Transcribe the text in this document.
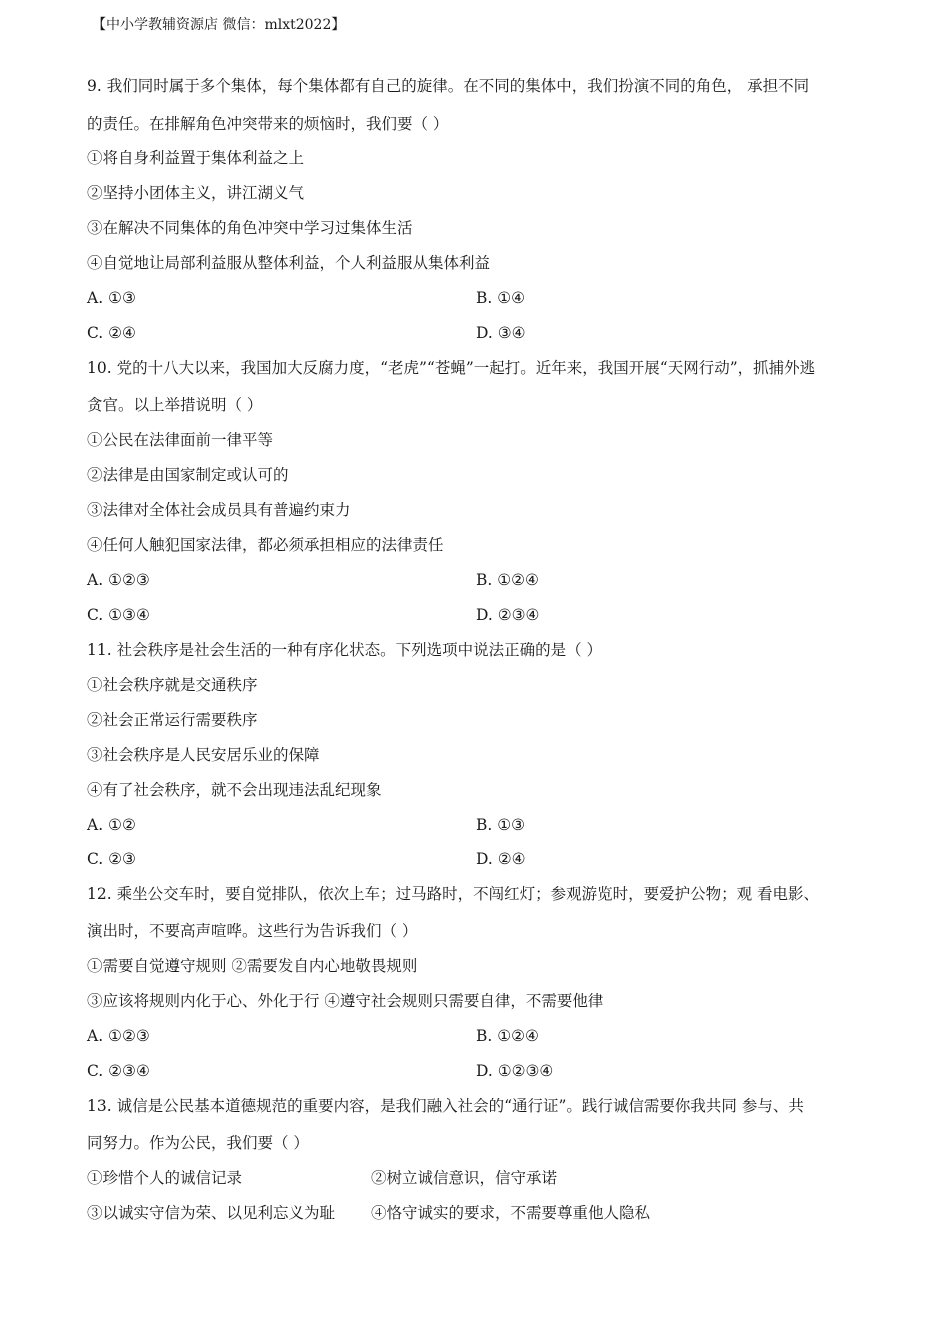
【中小学教辅资源店 微信：mlxt2022】
9. 我们同时属于多个集体，每个集体都有自己的旋律。在不同的集体中，我们扮演不同的角色， 承担不同
的责任。在排解角色冲突带来的烦恼时，我们要（ ）
①将自身利益置于集体利益之上
②坚持小团体主义，讲江湖义气
③在解决不同集体的角色冲突中学习过集体生活
④自觉地让局部利益服从整体利益，个人利益服从集体利益
A. ①③	B. ①④
C. ②④	D. ③④
10. 党的十八大以来，我国加大反腐力度，“老虎”“苍蝇”一起打。近年来，我国开展“天网行动”，抓捕外逃
贪官。以上举措说明（ ）
①公民在法律面前一律平等
②法律是由国家制定或认可的
③法律对全体社会成员具有普遍约束力
④任何人触犯国家法律，都必须承担相应的法律责任
A. ①②③	B. ①②④
C. ①③④	D. ②③④
11. 社会秩序是社会生活的一种有序化状态。下列选项中说法正确的是（ ）
①社会秩序就是交通秩序
②社会正常运行需要秩序
③社会秩序是人民安居乐业的保障
④有了社会秩序，就不会出现违法乱纪现象
A. ①②	B. ①③
C. ②③	D. ②④
12. 乘坐公交车时，要自觉排队，依次上车；过马路时，不闯红灯；参观游览时，要爱护公物；观 看电影、
演出时，不要高声喧哗。这些行为告诉我们（ ）
①需要自觉遵守规则 ②需要发自内心地敬畏规则
③应该将规则内化于心、外化于行 ④遵守社会规则只需要自律，不需要他律
A. ①②③	B. ①②④
C. ②③④	D. ①②③④
13. 诚信是公民基本道德规范的重要内容，是我们融入社会的“通行证”。践行诚信需要你我共同 参与、共
同努力。作为公民，我们要（ ）
①珍惜个人的诚信记录	②树立诚信意识，信守承诺
③以诚实守信为荣、以见利忘义为耻 ④恪守诚实的要求，不需要尊重他人隐私
